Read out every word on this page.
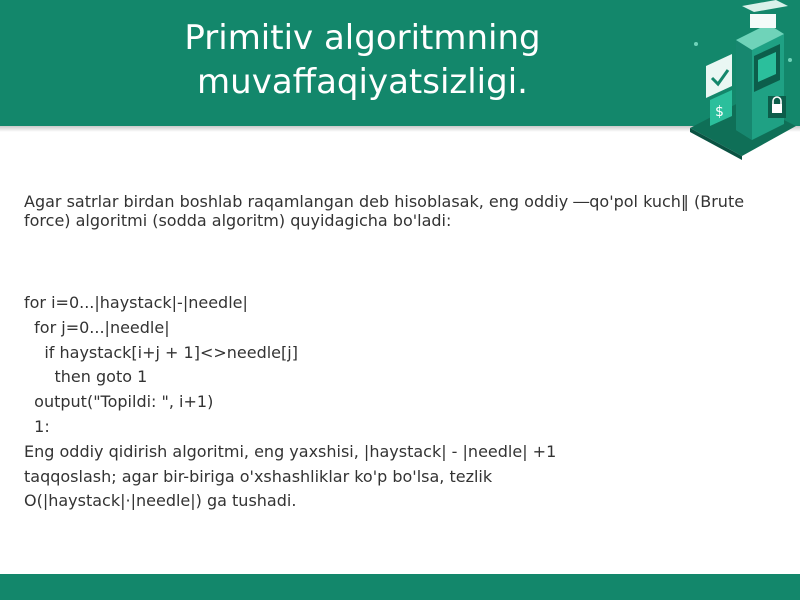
Primitiv algoritmning
muvaffaqiyatsizligi.
$

Agar satrlar birdan boshlab raqamlangan deb hisoblasak, eng oddiy ―qo'pol kuch‖ (Brute force) algoritmi (sodda algoritm) quyidagicha bo'ladi:

for i=0...|haystack|-|needle|
for j=0...|needle|
if haystack[i+j + 1]<>needle[j]
then goto 1
output("Topildi: ", i+1)
1:
Eng oddiy qidirish algoritmi, eng yaxshisi, |haystack| - |needle| +1
taqqoslash; agar bir-biriga o'xshashliklar ko'p bo'lsa, tezlik
O(|haystack|·|needle|) ga tushadi.
